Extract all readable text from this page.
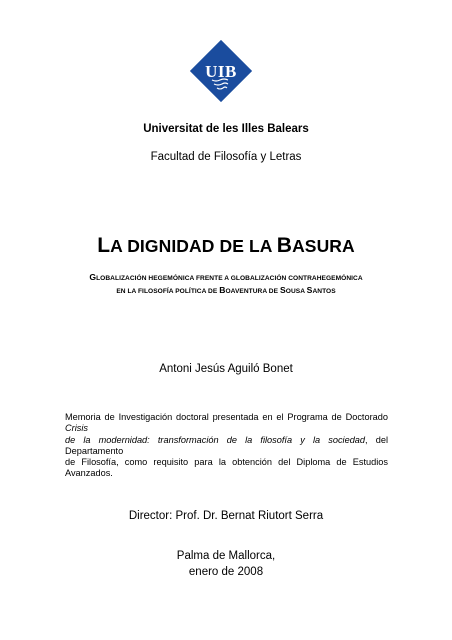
UIB
Universitat de les Illes Balears
Facultad de Filosofía y Letras
LA DIGNIDAD DE LA BASURA
GLOBALIZACIÓN HEGEMÓNICA FRENTE A GLOBALIZACIÓN CONTRAHEGEMÓNICA
EN LA FILOSOFÍA POLÍTICA DE BOAVENTURA DE SOUSA SANTOS
Antoni Jesús Aguiló Bonet
Memoria de Investigación doctoral presentada en el Programa de Doctorado Crisis
de la modernidad: transformación de la filosofía y la sociedad, del Departamento
de Filosofía, como requisito para la obtención del Diploma de Estudios Avanzados.
Director: Prof. Dr. Bernat Riutort Serra
Palma de Mallorca,
enero de 2008
